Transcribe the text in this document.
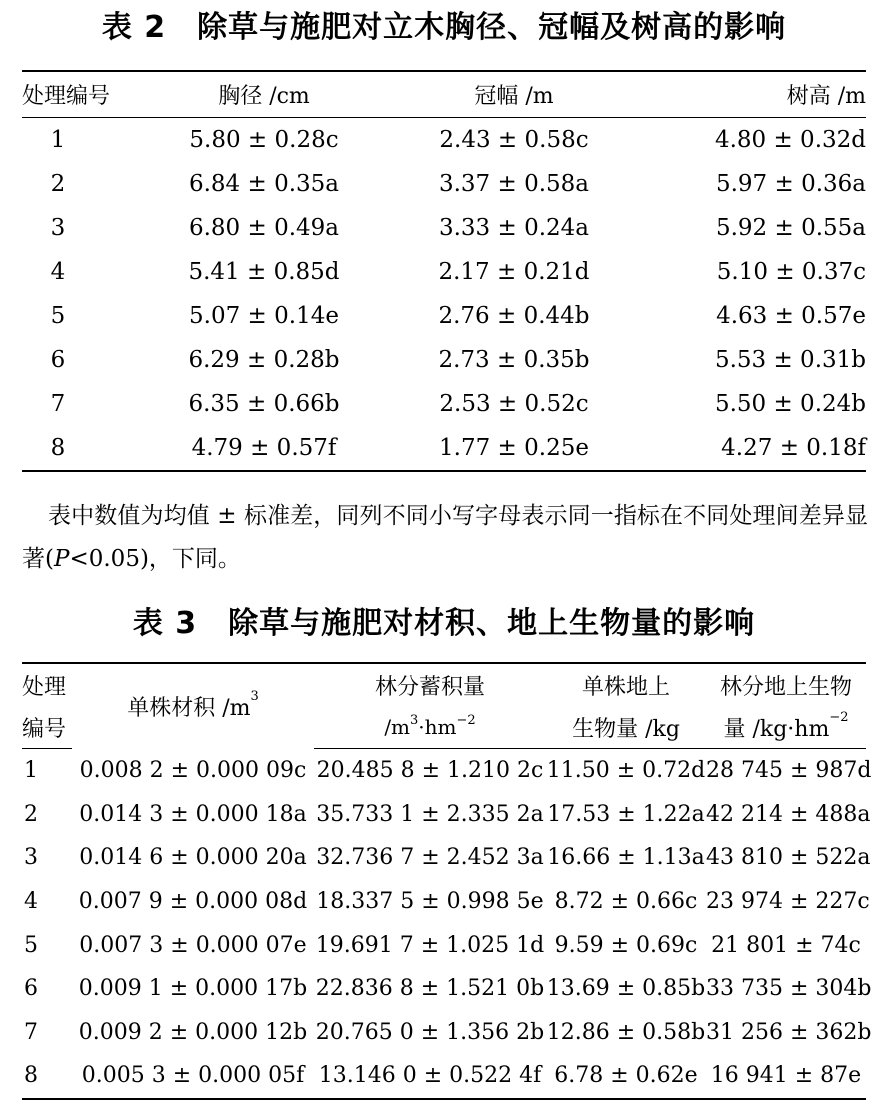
表 2　除草与施肥对立木胸径、冠幅及树高的影响
处理编号	胸径 /cm	冠幅 /m	树高 /m
1	5.80 ± 0.28c	2.43 ± 0.58c	4.80 ± 0.32d
2	6.84 ± 0.35a	3.37 ± 0.58a	5.97 ± 0.36a
3	6.80 ± 0.49a	3.33 ± 0.24a	5.92 ± 0.55a
4	5.41 ± 0.85d	2.17 ± 0.21d	5.10 ± 0.37c
5	5.07 ± 0.14e	2.76 ± 0.44b	4.63 ± 0.57e
6	6.29 ± 0.28b	2.73 ± 0.35b	5.53 ± 0.31b
7	6.35 ± 0.66b	2.53 ± 0.52c	5.50 ± 0.24b
8	4.79 ± 0.57f	1.77 ± 0.25e	4.27 ± 0.18f

表中数值为均值 ± 标准差，同列不同小写字母表示同一指标在不同处理间差异显著(P<0.05)，下同。

表 3　除草与施肥对材积、地上生物量的影响
处理	单株材积 $/m^3$	林分蓄积量	单株地上	林分地上生物
编号		$/m^3\cdot hm^{-2}$	生物量 /kg	量 $/kg\cdot hm^{-2}$
1	0.008 2 ± 0.000 09c	20.485 8 ± 1.210 2c	11.50 ± 0.72d	28 745 ± 987d
2	0.014 3 ± 0.000 18a	35.733 1 ± 2.335 2a	17.53 ± 1.22a	42 214 ± 488a
3	0.014 6 ± 0.000 20a	32.736 7 ± 2.452 3a	16.66 ± 1.13a	43 810 ± 522a
4	0.007 9 ± 0.000 08d	18.337 5 ± 0.998 5e	8.72 ± 0.66c	23 974 ± 227c
5	0.007 3 ± 0.000 07e	19.691 7 ± 1.025 1d	9.59 ± 0.69c	21 801 ± 74c
6	0.009 1 ± 0.000 17b	22.836 8 ± 1.521 0b	13.69 ± 0.85b	33 735 ± 304b
7	0.009 2 ± 0.000 12b	20.765 0 ± 1.356 2b	12.86 ± 0.58b	31 256 ± 362b
8	0.005 3 ± 0.000 05f	13.146 0 ± 0.522 4f	6.78 ± 0.62e	16 941 ± 87e
